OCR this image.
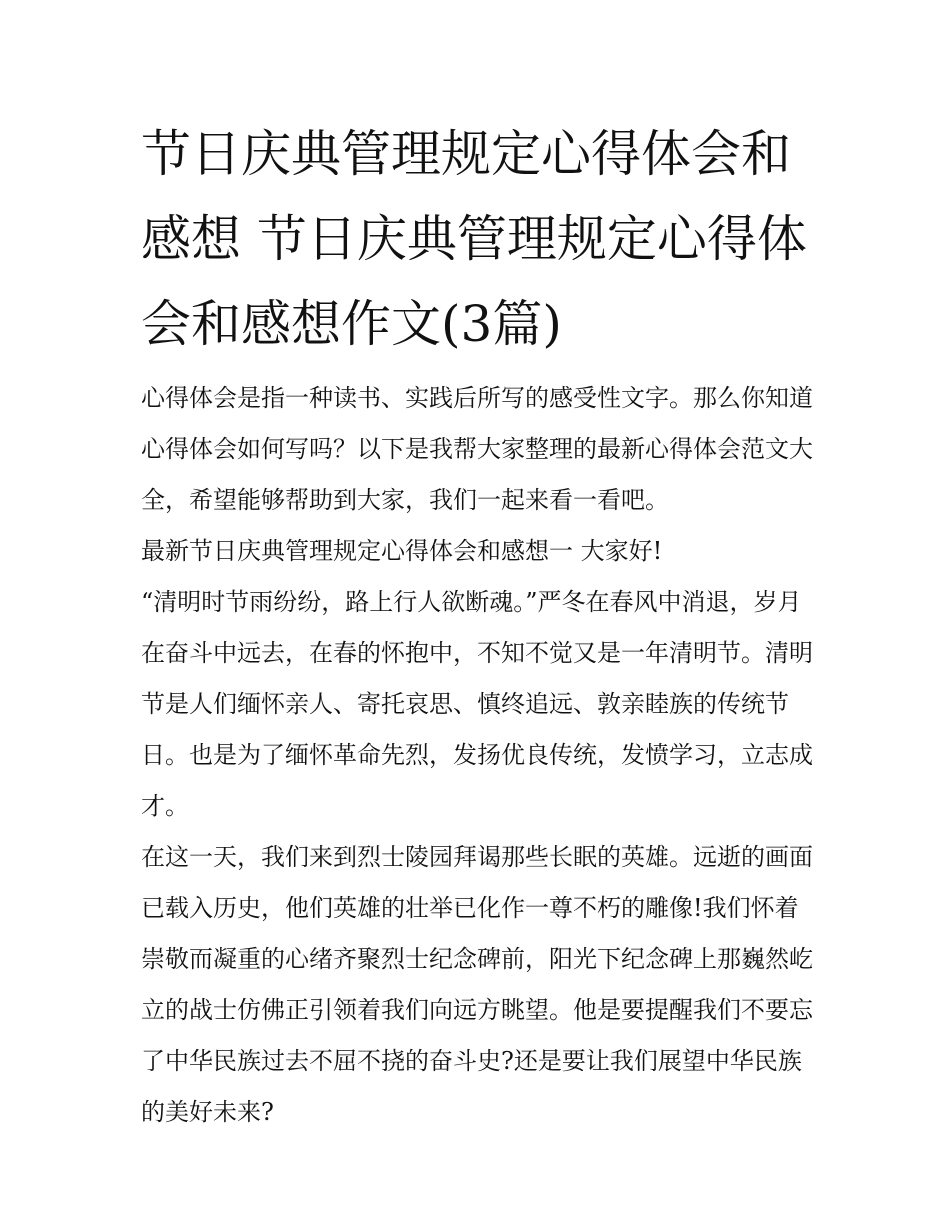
节日庆典管理规定心得体会和感想 节日庆典管理规定心得体会和感想作文(3篇)

心得体会是指一种读书、实践后所写的感受性文字。那么你知道心得体会如何写吗？以下是我帮大家整理的最新心得体会范文大全，希望能够帮助到大家，我们一起来看一看吧。

最新节日庆典管理规定心得体会和感想一 大家好!

“清明时节雨纷纷，路上行人欲断魂。”严冬在春风中消退，岁月在奋斗中远去，在春的怀抱中，不知不觉又是一年清明节。清明节是人们缅怀亲人、寄托哀思、慎终追远、敦亲睦族的传统节日。也是为了缅怀革命先烈，发扬优良传统，发愤学习，立志成才。

在这一天，我们来到烈士陵园拜谒那些长眠的英雄。远逝的画面已载入历史，他们英雄的壮举已化作一尊不朽的雕像!我们怀着崇敬而凝重的心绪齐聚烈士纪念碑前，阳光下纪念碑上那巍然屹立的战士仿佛正引领着我们向远方眺望。他是要提醒我们不要忘了中华民族过去不屈不挠的奋斗史?还是要让我们展望中华民族的美好未来?
